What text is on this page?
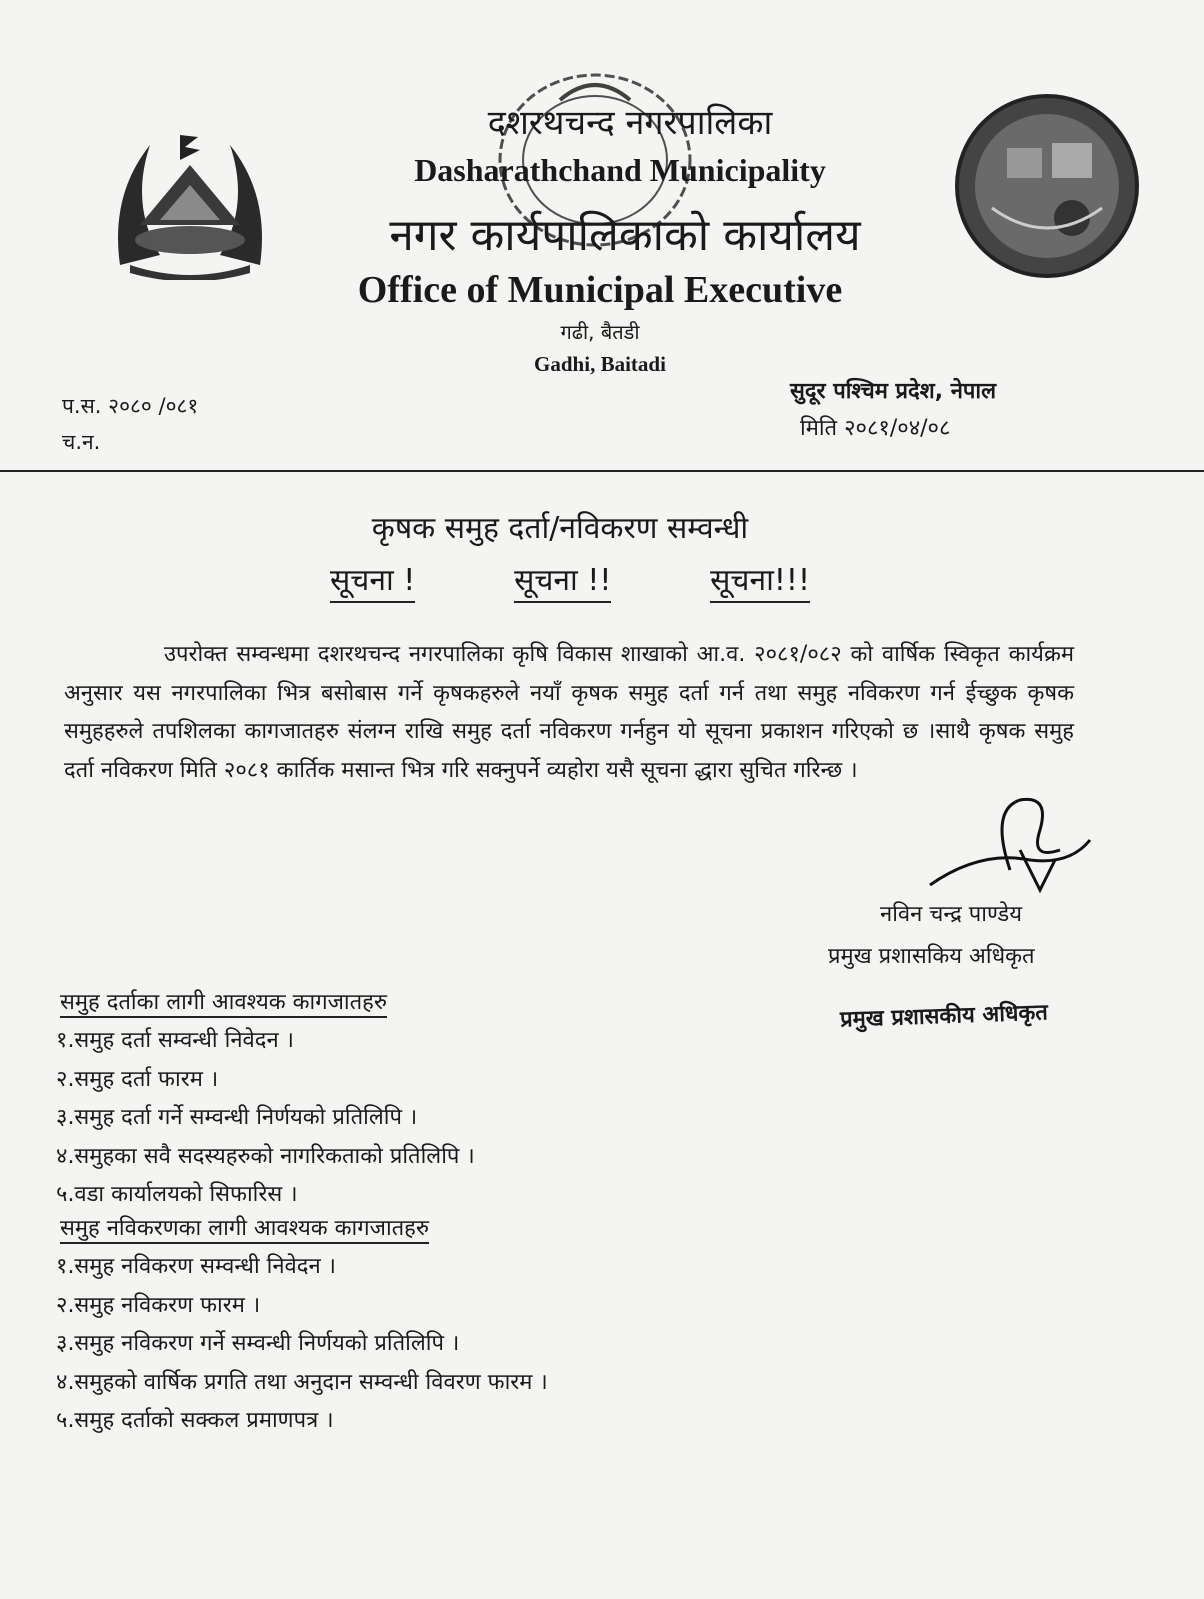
दशरथचन्द नगरपालिका
Dasharathchand Municipality
नगर कार्यपालिकाको कार्यालय
Office of Municipal Executive
गढी, बैतडी
Gadhi, Baitadi
प.स. २०८० /०८१
च.न.
सुदूर पश्चिम प्रदेश, नेपाल
मिति २०८१/०४/०८
कृषक समुह दर्ता/नविकरण सम्वन्धी
सूचना !	सूचना !!	सूचना!!!
उपरोक्त सम्वन्धमा दशरथचन्द नगरपालिका कृषि विकास शाखाको आ.व. २०८१/०८२ को वार्षिक स्विकृत कार्यक्रम अनुसार यस नगरपालिका भित्र बसोबास गर्ने कृषकहरुले नयाँ कृषक समुह दर्ता गर्न तथा समुह नविकरण गर्न ईच्छुक कृषक समुहहरुले तपशिलका कागजातहरु संलग्न राखि समुह दर्ता नविकरण गर्नहुन यो सूचना प्रकाशन गरिएको छ ।साथै कृषक समुह दर्ता नविकरण मिति २०८१ कार्तिक मसान्त भित्र गरि सक्नुपर्ने व्यहोरा यसै सूचना द्धारा सुचित गरिन्छ ।
नविन चन्द्र पाण्डेय
प्रमुख प्रशासकिय अधिकृत
प्रमुख प्रशासकीय अधिकृत
समुह दर्ताका लागी आवश्यक कागजातहरु
१.समुह दर्ता सम्वन्धी निवेदन ।
२.समुह दर्ता फारम ।
३.समुह दर्ता गर्ने सम्वन्धी निर्णयको प्रतिलिपि ।
४.समुहका सवै सदस्यहरुको नागरिकताको प्रतिलिपि ।
५.वडा कार्यालयको सिफारिस ।
समुह नविकरणका लागी आवश्यक कागजातहरु
१.समुह नविकरण सम्वन्धी निवेदन ।
२.समुह नविकरण फारम ।
३.समुह नविकरण गर्ने सम्वन्धी निर्णयको प्रतिलिपि ।
४.समुहको वार्षिक प्रगति तथा अनुदान सम्वन्धी विवरण फारम ।
५.समुह दर्ताको सक्कल प्रमाणपत्र ।
